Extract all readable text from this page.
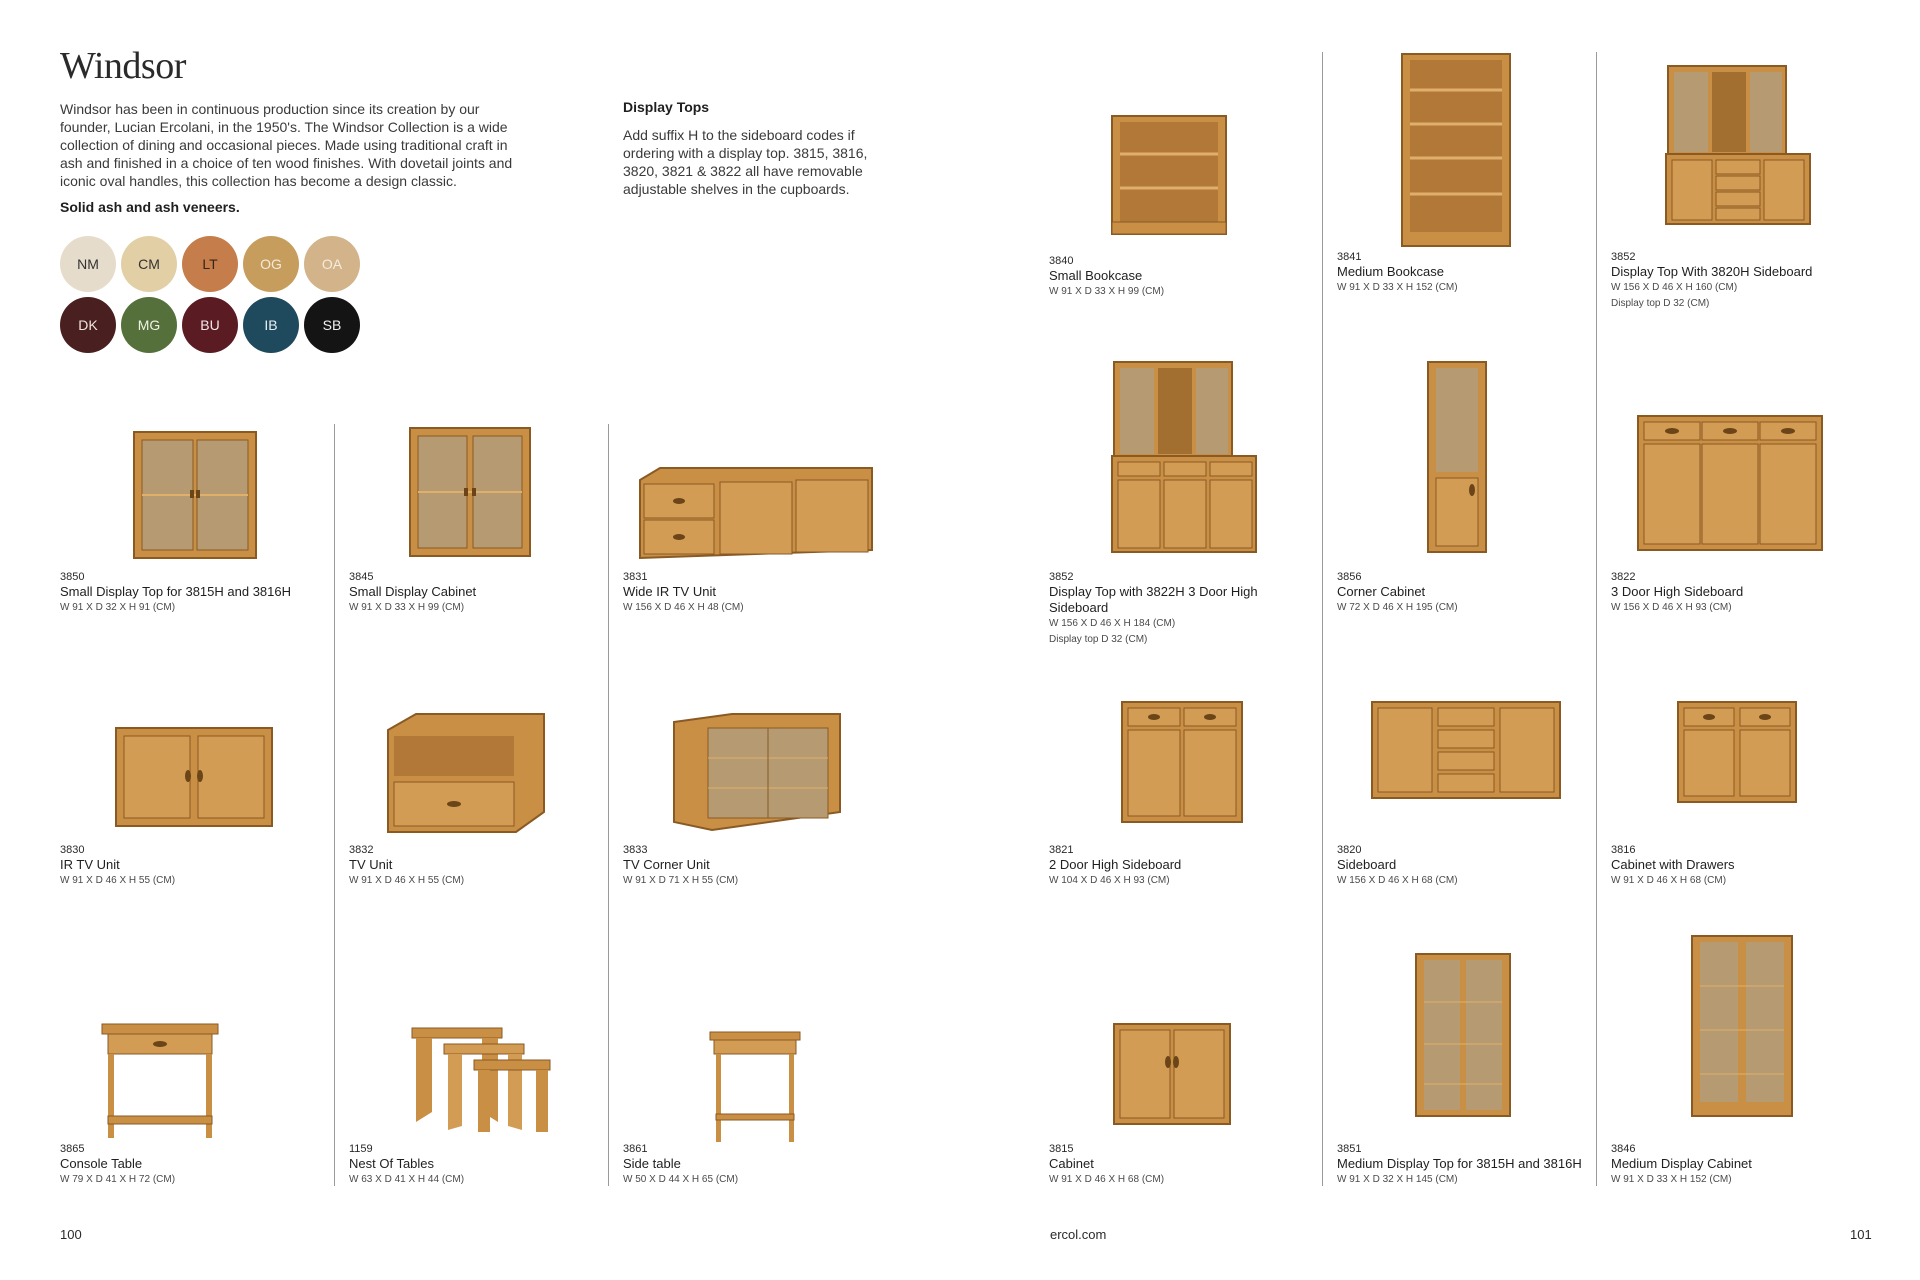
Windsor
Windsor has been in continuous production since its creation by our founder, Lucian Ercolani, in the 1950's. The Windsor Collection is a wide collection of dining and occasional pieces. Made using traditional craft in ash and finished in a choice of ten wood finishes. With dovetail joints and iconic oval handles, this collection has become a design classic.
Solid ash and ash veneers.
Display Tops
Add suffix H to the sideboard codes if ordering with a display top. 3815, 3816, 3820, 3821 & 3822 all have removable adjustable shelves in the cupboards.
NM	CM	LT	OG	OA
DK	MG	BU	IB	SB
3850
Small Display Top for 3815H and 3816H
W 91 X D 32 X H 91 (CM)
3845
Small Display Cabinet
W 91 X D 33 X H 99 (CM)
3831
Wide IR TV Unit
W 156 X D 46 X H 48 (CM)
3830
IR TV Unit
W 91 X D 46 X H 55 (CM)
3832
TV Unit
W 91 X D 46 X H 55 (CM)
3833
TV Corner Unit
W 91 X D 71 X H 55 (CM)
3865
Console Table
W 79 X D 41 X H 72 (CM)
1159
Nest Of Tables
W 63 X D 41 X H 44 (CM)
3861
Side table
W 50 X D 44 X H 65 (CM)
3840
Small Bookcase
W 91 X D 33 X H 99 (CM)
3841
Medium Bookcase
W 91 X D 33 X H 152 (CM)
3852
Display Top With 3820H Sideboard
W 156 X D 46 X H 160 (CM)
Display top D 32 (CM)
3852
Display Top with 3822H 3 Door High Sideboard
W 156 X D 46 X H 184 (CM)
Display top D 32 (CM)
3856
Corner Cabinet
W 72 X D 46 X H 195 (CM)
3822
3 Door High Sideboard
W 156 X D 46 X H 93 (CM)
3821
2 Door High Sideboard
W 104 X D 46 X H 93 (CM)
3820
Sideboard
W 156 X D 46 X H 68 (CM)
3816
Cabinet with Drawers
W 91 X D 46 X H 68 (CM)
3815
Cabinet
W 91 X D 46 X H 68 (CM)
3851
Medium Display Top for 3815H and 3816H
W 91 X D 32 X H 145 (CM)
3846
Medium Display Cabinet
W 91 X D 33 X H 152 (CM)
100	ercol.com	101
